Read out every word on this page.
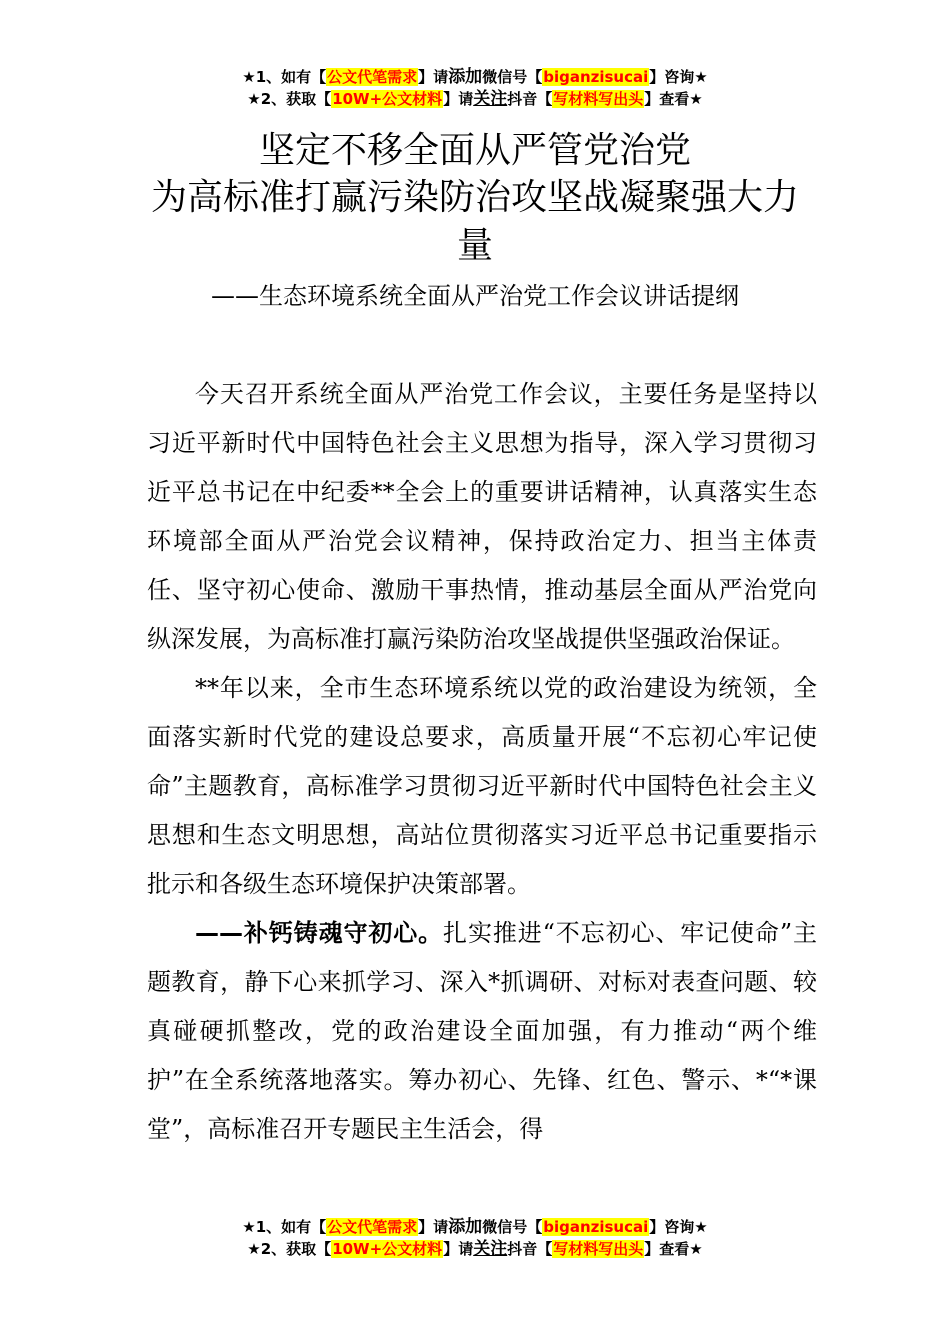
★1、如有【公文代笔需求】请添加微信号【biganzisucai】咨询★
★2、获取【10W+公文材料】请关注抖音【写材料写出头】查看★
坚定不移全面从严管党治党
为高标准打赢污染防治攻坚战凝聚强大力
量
——生态环境系统全面从严治党工作会议讲话提纲

今天召开系统全面从严治党工作会议，主要任务是坚持以习近平新时代中国特色社会主义思想为指导，深入学习贯彻习近平总书记在中纪委**全会上的重要讲话精神，认真落实生态环境部全面从严治党会议精神，保持政治定力、担当主体责任、坚守初心使命、激励干事热情，推动基层全面从严治党向纵深发展，为高标准打赢污染防治攻坚战提供坚强政治保证。

**年以来，全市生态环境系统以党的政治建设为统领，全面落实新时代党的建设总要求，高质量开展“不忘初心牢记使命”主题教育，高标准学习贯彻习近平新时代中国特色社会主义思想和生态文明思想，高站位贯彻落实习近平总书记重要指示批示和各级生态环境保护决策部署。

——补钙铸魂守初心。扎实推进“不忘初心、牢记使命”主题教育，静下心来抓学习、深入*抓调研、对标对表查问题、较真碰硬抓整改，党的政治建设全面加强，有力推动“两个维护”在全系统落地落实。筹办初心、先锋、红色、警示、*“*课堂”，高标准召开专题民主生活会，得

★1、如有【公文代笔需求】请添加微信号【biganzisucai】咨询★
★2、获取【10W+公文材料】请关注抖音【写材料写出头】查看★
